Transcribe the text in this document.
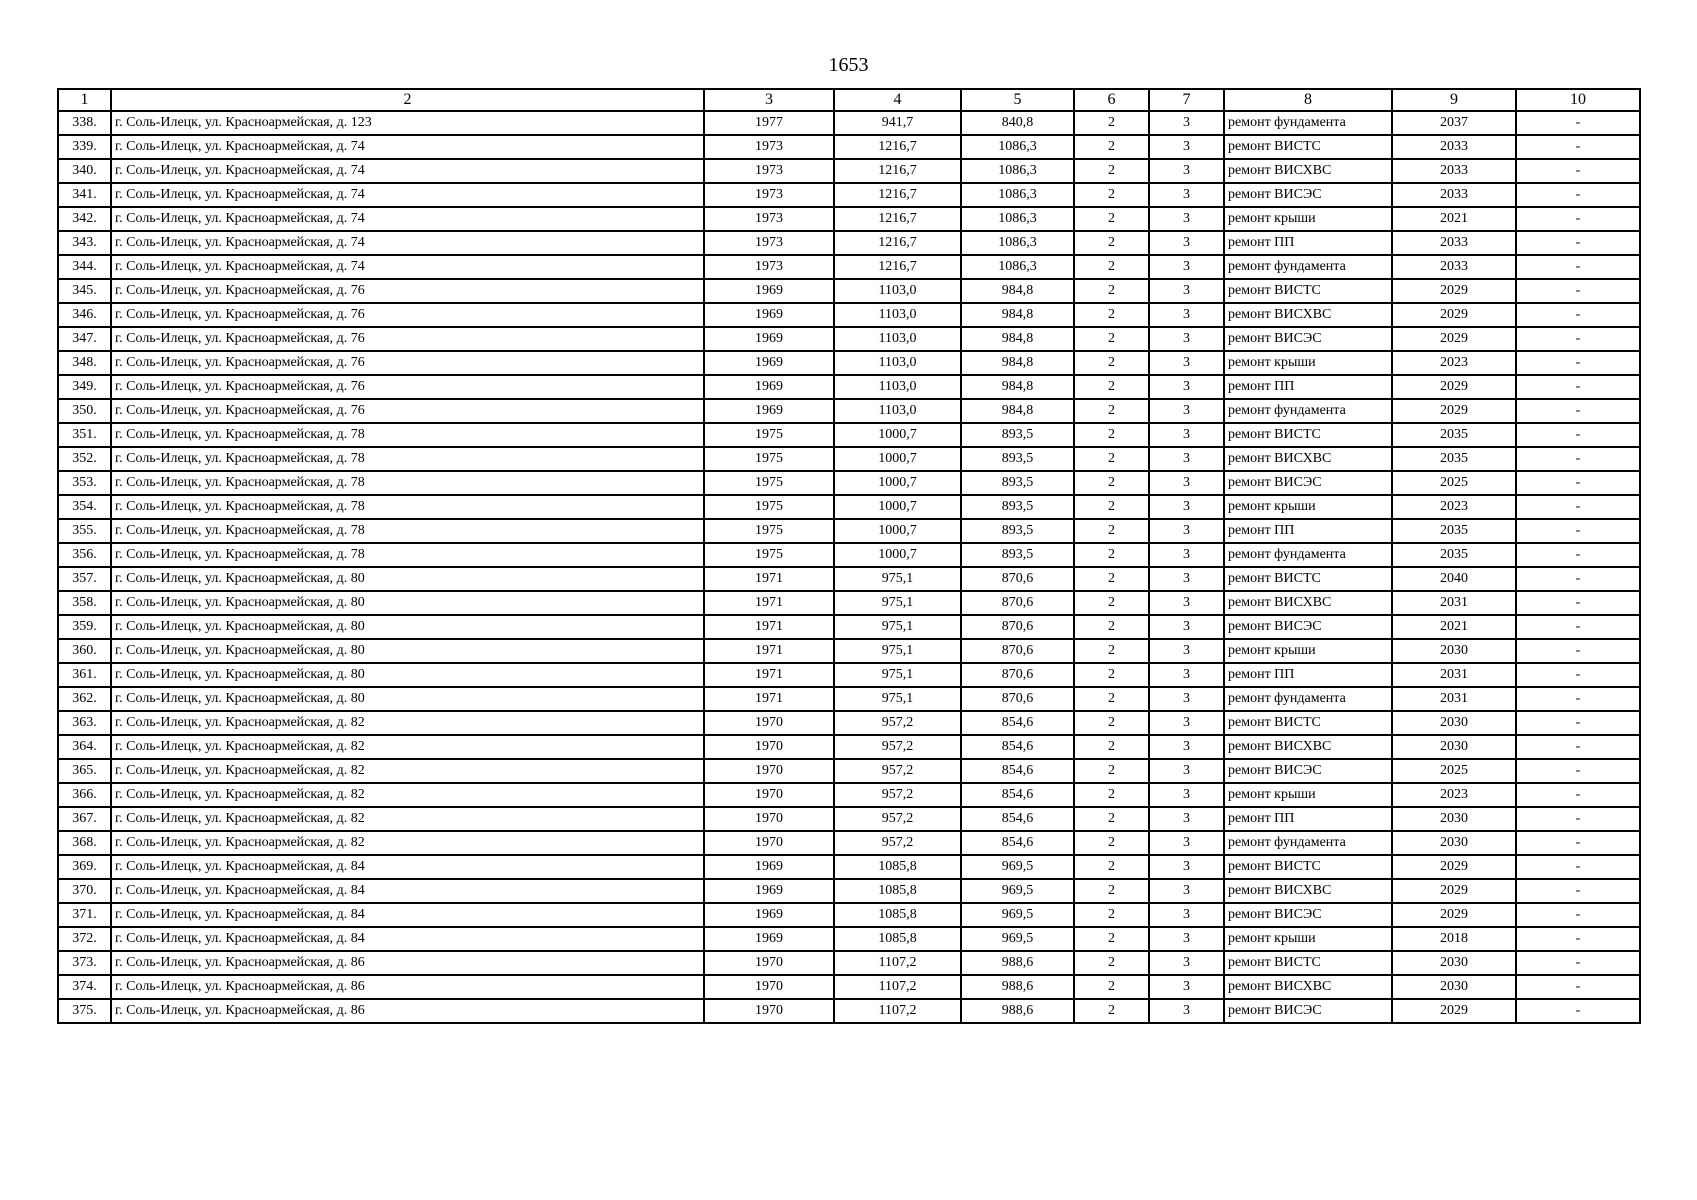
1653
1	2	3	4	5	6	7	8	9	10
338.	г. Соль-Илецк, ул. Красноармейская, д. 123	1977	941,7	840,8	2	3	ремонт фундамента	2037	-
339.	г. Соль-Илецк, ул. Красноармейская, д. 74	1973	1216,7	1086,3	2	3	ремонт ВИСТС	2033	-
340.	г. Соль-Илецк, ул. Красноармейская, д. 74	1973	1216,7	1086,3	2	3	ремонт ВИСХВС	2033	-
341.	г. Соль-Илецк, ул. Красноармейская, д. 74	1973	1216,7	1086,3	2	3	ремонт ВИСЭС	2033	-
342.	г. Соль-Илецк, ул. Красноармейская, д. 74	1973	1216,7	1086,3	2	3	ремонт крыши	2021	-
343.	г. Соль-Илецк, ул. Красноармейская, д. 74	1973	1216,7	1086,3	2	3	ремонт ПП	2033	-
344.	г. Соль-Илецк, ул. Красноармейская, д. 74	1973	1216,7	1086,3	2	3	ремонт фундамента	2033	-
345.	г. Соль-Илецк, ул. Красноармейская, д. 76	1969	1103,0	984,8	2	3	ремонт ВИСТС	2029	-
346.	г. Соль-Илецк, ул. Красноармейская, д. 76	1969	1103,0	984,8	2	3	ремонт ВИСХВС	2029	-
347.	г. Соль-Илецк, ул. Красноармейская, д. 76	1969	1103,0	984,8	2	3	ремонт ВИСЭС	2029	-
348.	г. Соль-Илецк, ул. Красноармейская, д. 76	1969	1103,0	984,8	2	3	ремонт крыши	2023	-
349.	г. Соль-Илецк, ул. Красноармейская, д. 76	1969	1103,0	984,8	2	3	ремонт ПП	2029	-
350.	г. Соль-Илецк, ул. Красноармейская, д. 76	1969	1103,0	984,8	2	3	ремонт фундамента	2029	-
351.	г. Соль-Илецк, ул. Красноармейская, д. 78	1975	1000,7	893,5	2	3	ремонт ВИСТС	2035	-
352.	г. Соль-Илецк, ул. Красноармейская, д. 78	1975	1000,7	893,5	2	3	ремонт ВИСХВС	2035	-
353.	г. Соль-Илецк, ул. Красноармейская, д. 78	1975	1000,7	893,5	2	3	ремонт ВИСЭС	2025	-
354.	г. Соль-Илецк, ул. Красноармейская, д. 78	1975	1000,7	893,5	2	3	ремонт крыши	2023	-
355.	г. Соль-Илецк, ул. Красноармейская, д. 78	1975	1000,7	893,5	2	3	ремонт ПП	2035	-
356.	г. Соль-Илецк, ул. Красноармейская, д. 78	1975	1000,7	893,5	2	3	ремонт фундамента	2035	-
357.	г. Соль-Илецк, ул. Красноармейская, д. 80	1971	975,1	870,6	2	3	ремонт ВИСТС	2040	-
358.	г. Соль-Илецк, ул. Красноармейская, д. 80	1971	975,1	870,6	2	3	ремонт ВИСХВС	2031	-
359.	г. Соль-Илецк, ул. Красноармейская, д. 80	1971	975,1	870,6	2	3	ремонт ВИСЭС	2021	-
360.	г. Соль-Илецк, ул. Красноармейская, д. 80	1971	975,1	870,6	2	3	ремонт крыши	2030	-
361.	г. Соль-Илецк, ул. Красноармейская, д. 80	1971	975,1	870,6	2	3	ремонт ПП	2031	-
362.	г. Соль-Илецк, ул. Красноармейская, д. 80	1971	975,1	870,6	2	3	ремонт фундамента	2031	-
363.	г. Соль-Илецк, ул. Красноармейская, д. 82	1970	957,2	854,6	2	3	ремонт ВИСТС	2030	-
364.	г. Соль-Илецк, ул. Красноармейская, д. 82	1970	957,2	854,6	2	3	ремонт ВИСХВС	2030	-
365.	г. Соль-Илецк, ул. Красноармейская, д. 82	1970	957,2	854,6	2	3	ремонт ВИСЭС	2025	-
366.	г. Соль-Илецк, ул. Красноармейская, д. 82	1970	957,2	854,6	2	3	ремонт крыши	2023	-
367.	г. Соль-Илецк, ул. Красноармейская, д. 82	1970	957,2	854,6	2	3	ремонт ПП	2030	-
368.	г. Соль-Илецк, ул. Красноармейская, д. 82	1970	957,2	854,6	2	3	ремонт фундамента	2030	-
369.	г. Соль-Илецк, ул. Красноармейская, д. 84	1969	1085,8	969,5	2	3	ремонт ВИСТС	2029	-
370.	г. Соль-Илецк, ул. Красноармейская, д. 84	1969	1085,8	969,5	2	3	ремонт ВИСХВС	2029	-
371.	г. Соль-Илецк, ул. Красноармейская, д. 84	1969	1085,8	969,5	2	3	ремонт ВИСЭС	2029	-
372.	г. Соль-Илецк, ул. Красноармейская, д. 84	1969	1085,8	969,5	2	3	ремонт крыши	2018	-
373.	г. Соль-Илецк, ул. Красноармейская, д. 86	1970	1107,2	988,6	2	3	ремонт ВИСТС	2030	-
374.	г. Соль-Илецк, ул. Красноармейская, д. 86	1970	1107,2	988,6	2	3	ремонт ВИСХВС	2030	-
375.	г. Соль-Илецк, ул. Красноармейская, д. 86	1970	1107,2	988,6	2	3	ремонт ВИСЭС	2029	-
